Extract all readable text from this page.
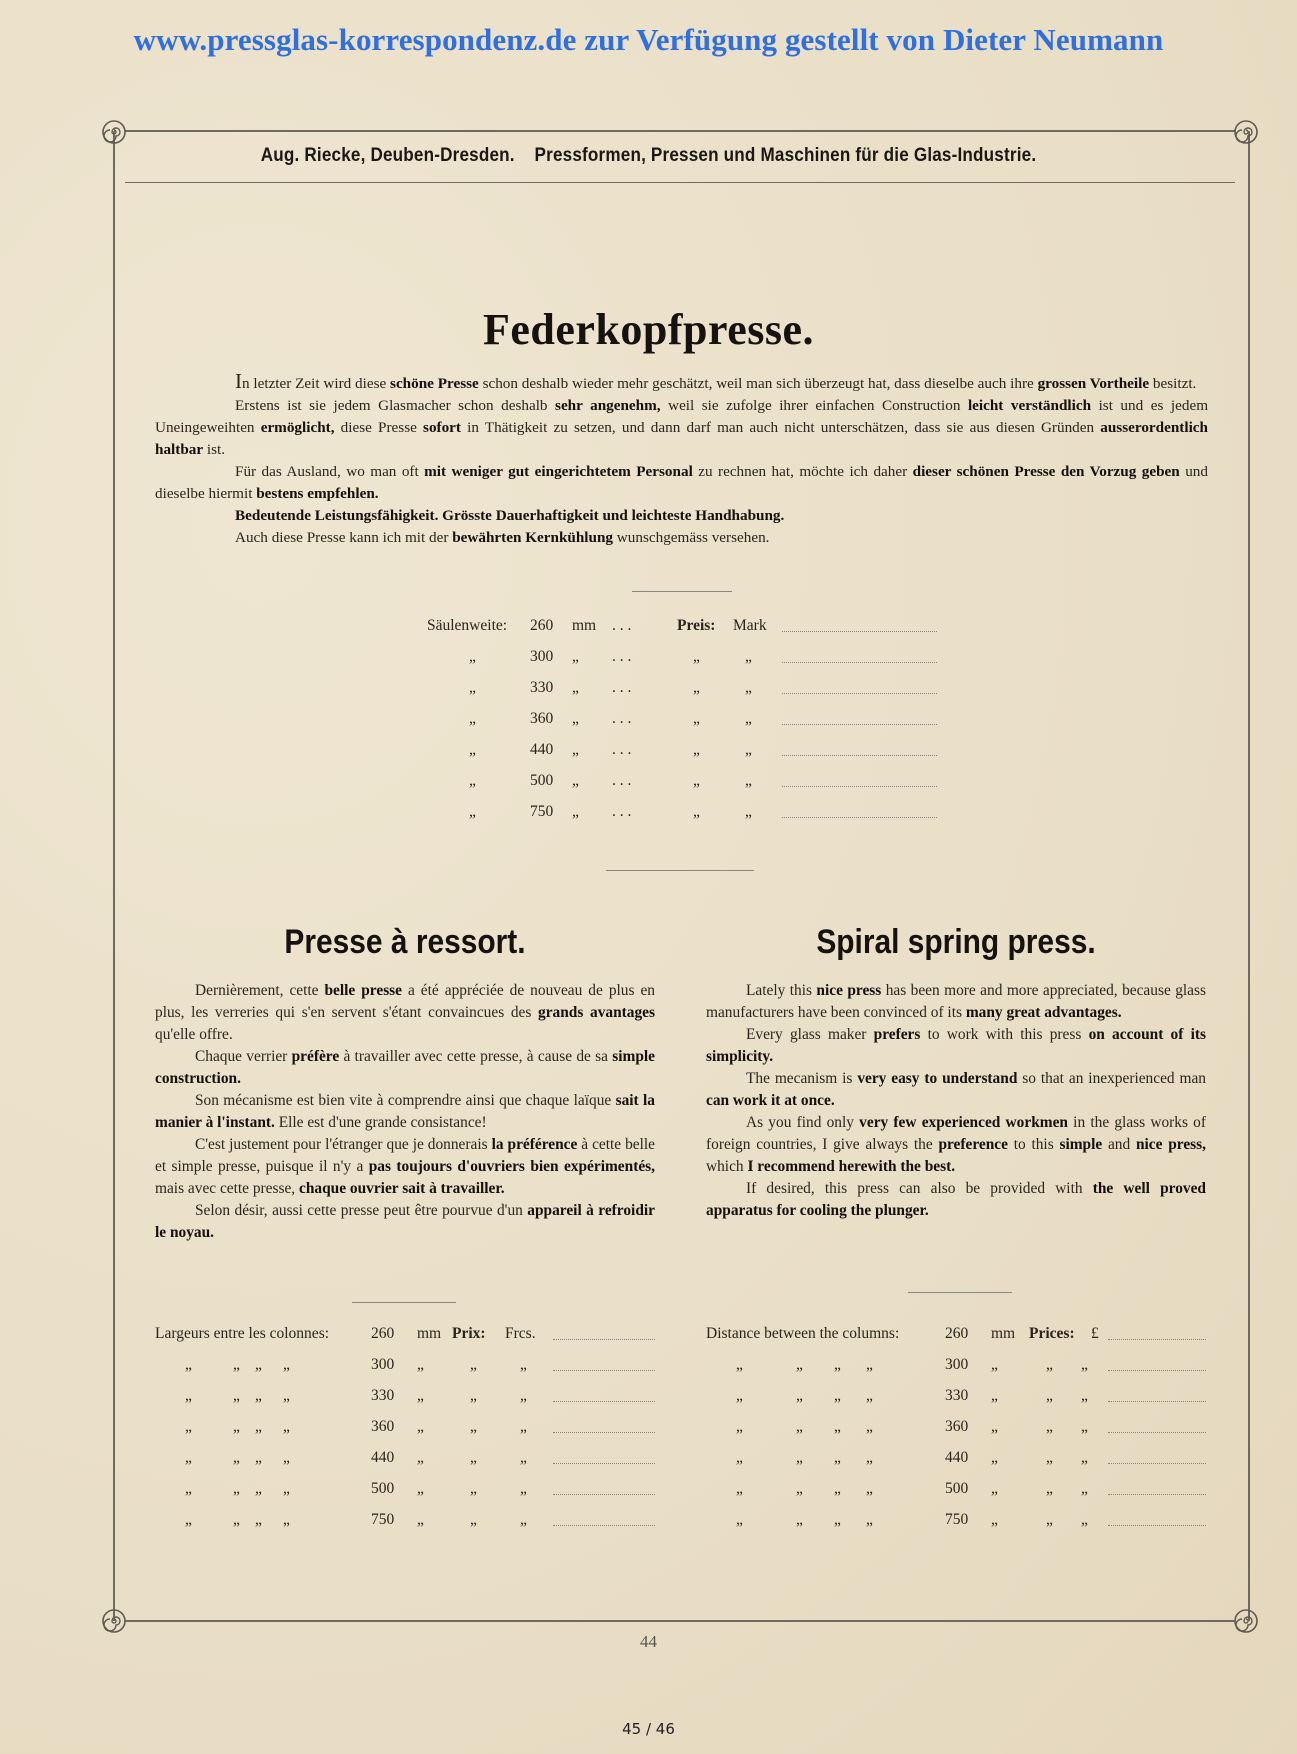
www.pressglas-korrespondenz.de zur Verfügung gestellt von Dieter Neumann
Aug. Riecke, Deuben-Dresden. Pressformen, Pressen und Maschinen für die Glas-Industrie.
Federkopfpresse.

In letzter Zeit wird diese schöne Presse schon deshalb wieder mehr geschätzt, weil man sich überzeugt hat, dass dieselbe auch ihre grossen Vortheile besitzt.

Erstens ist sie jedem Glasmacher schon deshalb sehr angenehm, weil sie zufolge ihrer einfachen Construction leicht verständlich ist und es jedem Uneingeweihten ermöglicht, diese Presse sofort in Thätigkeit zu setzen, und dann darf man auch nicht unterschätzen, dass sie aus diesen Gründen ausserordentlich haltbar ist.

Für das Ausland, wo man oft mit weniger gut eingerichtetem Personal zu rechnen hat, möchte ich daher dieser schönen Presse den Vorzug geben und dieselbe hiermit bestens empfehlen.

Bedeutende Leistungsfähigkeit. Grösste Dauerhaftigkeit und leichteste Handhabung.

Auch diese Presse kann ich mit der bewährten Kernkühlung wunschgemäss versehen.

Säulenweite: 260 mm . . .	Preis: Mark
„	300 „ . . .	„	„
„	330 „ . . .	„	„
„	360 „ . . .	„	„
„	440 „ . . .	„	„
„	500 „ . . .	„	„
„	750 „ . . .	„	„
Presse à ressort.

Dernièrement, cette belle presse a été appréciée de nouveau de plus en plus, les verreries qui s'en servent s'étant convaincues des grands avantages qu'elle offre.

Chaque verrier préfère à travailler avec cette presse, à cause de sa simple construction.

Son mécanisme est bien vite à comprendre ainsi que chaque laïque sait la manier à l'instant. Elle est d'une grande consistance!

C'est justement pour l'étranger que je donnerais la préférence à cette belle et simple presse, puisque il n'y a pas toujours d'ouvriers bien expérimentés, mais avec cette presse, chaque ouvrier sait à travailler.

Selon désir, aussi cette presse peut être pourvue d'un appareil à refroidir le noyau.

Largeurs entre les colonnes:	260 mm Prix: Frcs.
„	„ „ „	300 „	„	„
„	„ „ „	330 „	„	„
„	„ „ „	360 „	„	„
„	„ „ „	440 „	„	„
„	„ „ „	500 „	„	„
„	„ „ „	750 „	„	„
Spiral spring press.

Lately this nice press has been more and more appreciated, because glass manufacturers have been convinced of its many great advantages.

Every glass maker prefers to work with this press on account of its simplicity.

The mecanism is very easy to understand so that an inexperienced man can work it at once.

As you find only very few experienced workmen in the glass works of foreign countries, I give always the preference to this simple and nice press, which I recommend herewith the best.

If desired, this press can also be provided with the well proved apparatus for cooling the plunger.

Distance between the columns:	260 mm Prices: £
„	„ „ „	300 „	„ „
„	„ „ „	330 „	„ „
„	„ „ „	360 „	„ „
„	„ „ „	440 „	„ „
„	„ „ „	500 „	„ „
„	„ „ „	750 „	„ „
44
45 / 46
